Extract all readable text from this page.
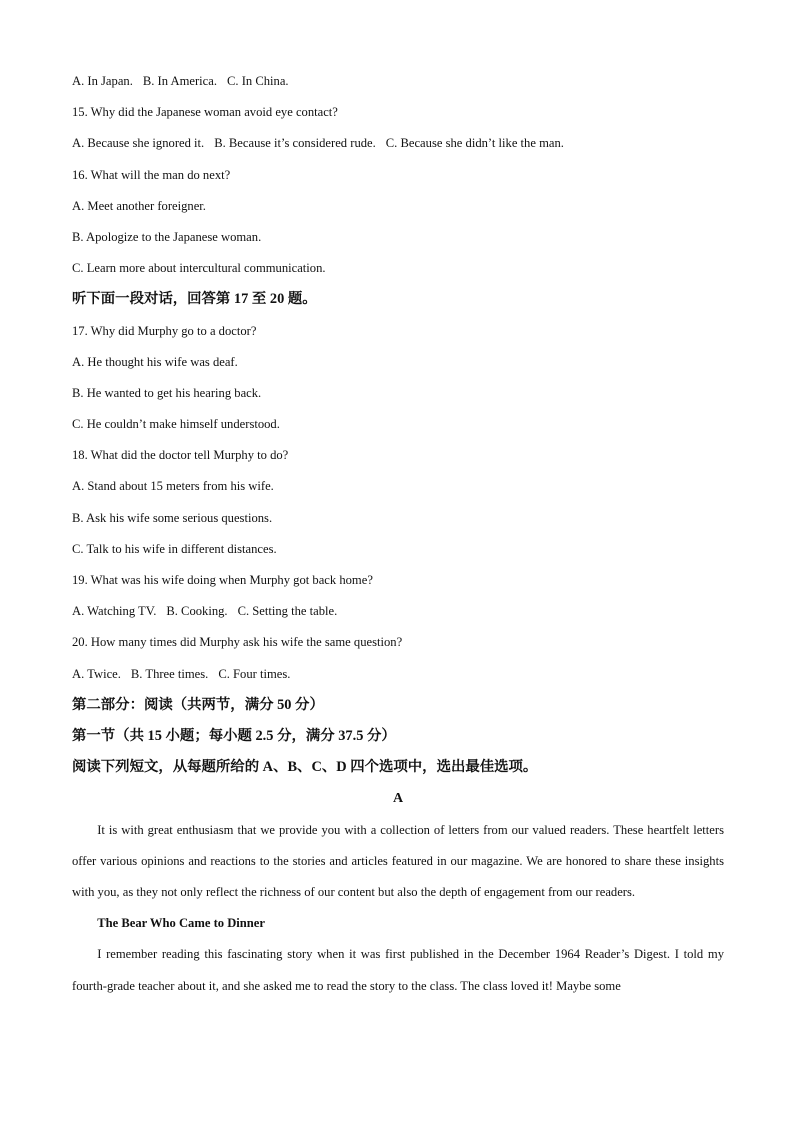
A. In Japan. B. In America. C. In China.
15. Why did the Japanese woman avoid eye contact?
A. Because she ignored it. B. Because it’s considered rude. C. Because she didn’t like the man.
16. What will the man do next?
A. Meet another foreigner.
B. Apologize to the Japanese woman.
C. Learn more about intercultural communication.
听下面一段对话，回答第 17 至 20 题。
17. Why did Murphy go to a doctor?
A. He thought his wife was deaf.
B. He wanted to get his hearing back.
C. He couldn’t make himself understood.
18. What did the doctor tell Murphy to do?
A. Stand about 15 meters from his wife.
B. Ask his wife some serious questions.
C. Talk to his wife in different distances.
19. What was his wife doing when Murphy got back home?
A. Watching TV. B. Cooking. C. Setting the table.
20. How many times did Murphy ask his wife the same question?
A. Twice. B. Three times. C. Four times.
第二部分：阅读（共两节，满分 50 分）
第一节（共 15 小题；每小题 2.5 分，满分 37.5 分）
阅读下列短文，从每题所给的 A、B、C、D 四个选项中，选出最佳选项。
A

It is with great enthusiasm that we provide you with a collection of letters from our valued readers. These heartfelt letters offer various opinions and reactions to the stories and articles featured in our magazine. We are honored to share these insights with you, as they not only reflect the richness of our content but also the depth of engagement from our readers.

The Bear Who Came to Dinner

I remember reading this fascinating story when it was first published in the December 1964 Reader’s Digest. I told my fourth-grade teacher about it, and she asked me to read the story to the class. The class loved it! Maybe some
